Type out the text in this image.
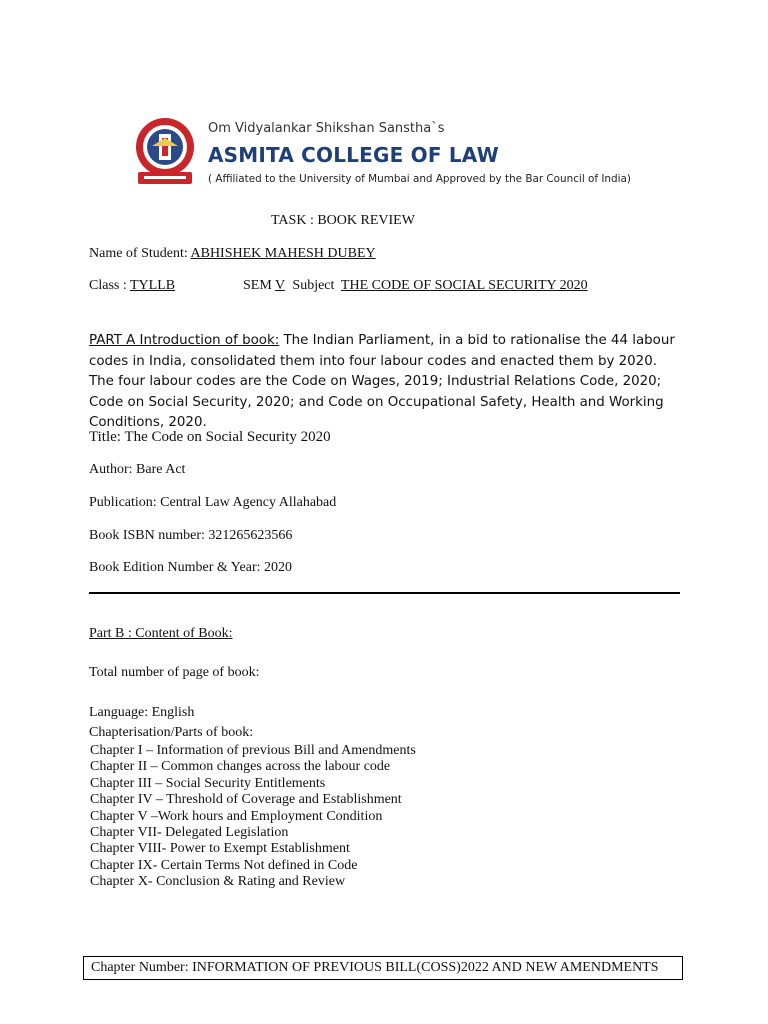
Om Vidyalankar Shikshan Sanstha`s
ASMITA COLLEGE OF LAW
( Affiliated to the University of Mumbai and Approved by the Bar Council of India)
TASK : BOOK REVIEW
Name of Student: ABHISHEK MAHESH DUBEY
Class : TYLLB	SEM V Subject THE CODE OF SOCIAL SECURITY 2020
PART A Introduction of book: The Indian Parliament, in a bid to rationalise the 44 labour codes in India, consolidated them into four labour codes and enacted them by 2020. The four labour codes are the Code on Wages, 2019; Industrial Relations Code, 2020; Code on Social Security, 2020; and Code on Occupational Safety, Health and Working Conditions, 2020.
Title: The Code on Social Security 2020
Author: Bare Act
Publication: Central Law Agency Allahabad
Book ISBN number: 321265623566
Book Edition Number & Year: 2020
Part B : Content of Book:
Total number of page of book:
Language: English
Chapterisation/Parts of book:
Chapter I – Information of previous Bill and Amendments
Chapter II – Common changes across the labour code
Chapter III – Social Security Entitlements
Chapter IV – Threshold of Coverage and Establishment
Chapter V –Work hours and Employment Condition
Chapter VII- Delegated Legislation
Chapter VIII- Power to Exempt Establishment
Chapter IX- Certain Terms Not defined in Code
Chapter X- Conclusion & Rating and Review
Chapter Number: INFORMATION OF PREVIOUS BILL(COSS)2022 AND NEW AMENDMENTS
